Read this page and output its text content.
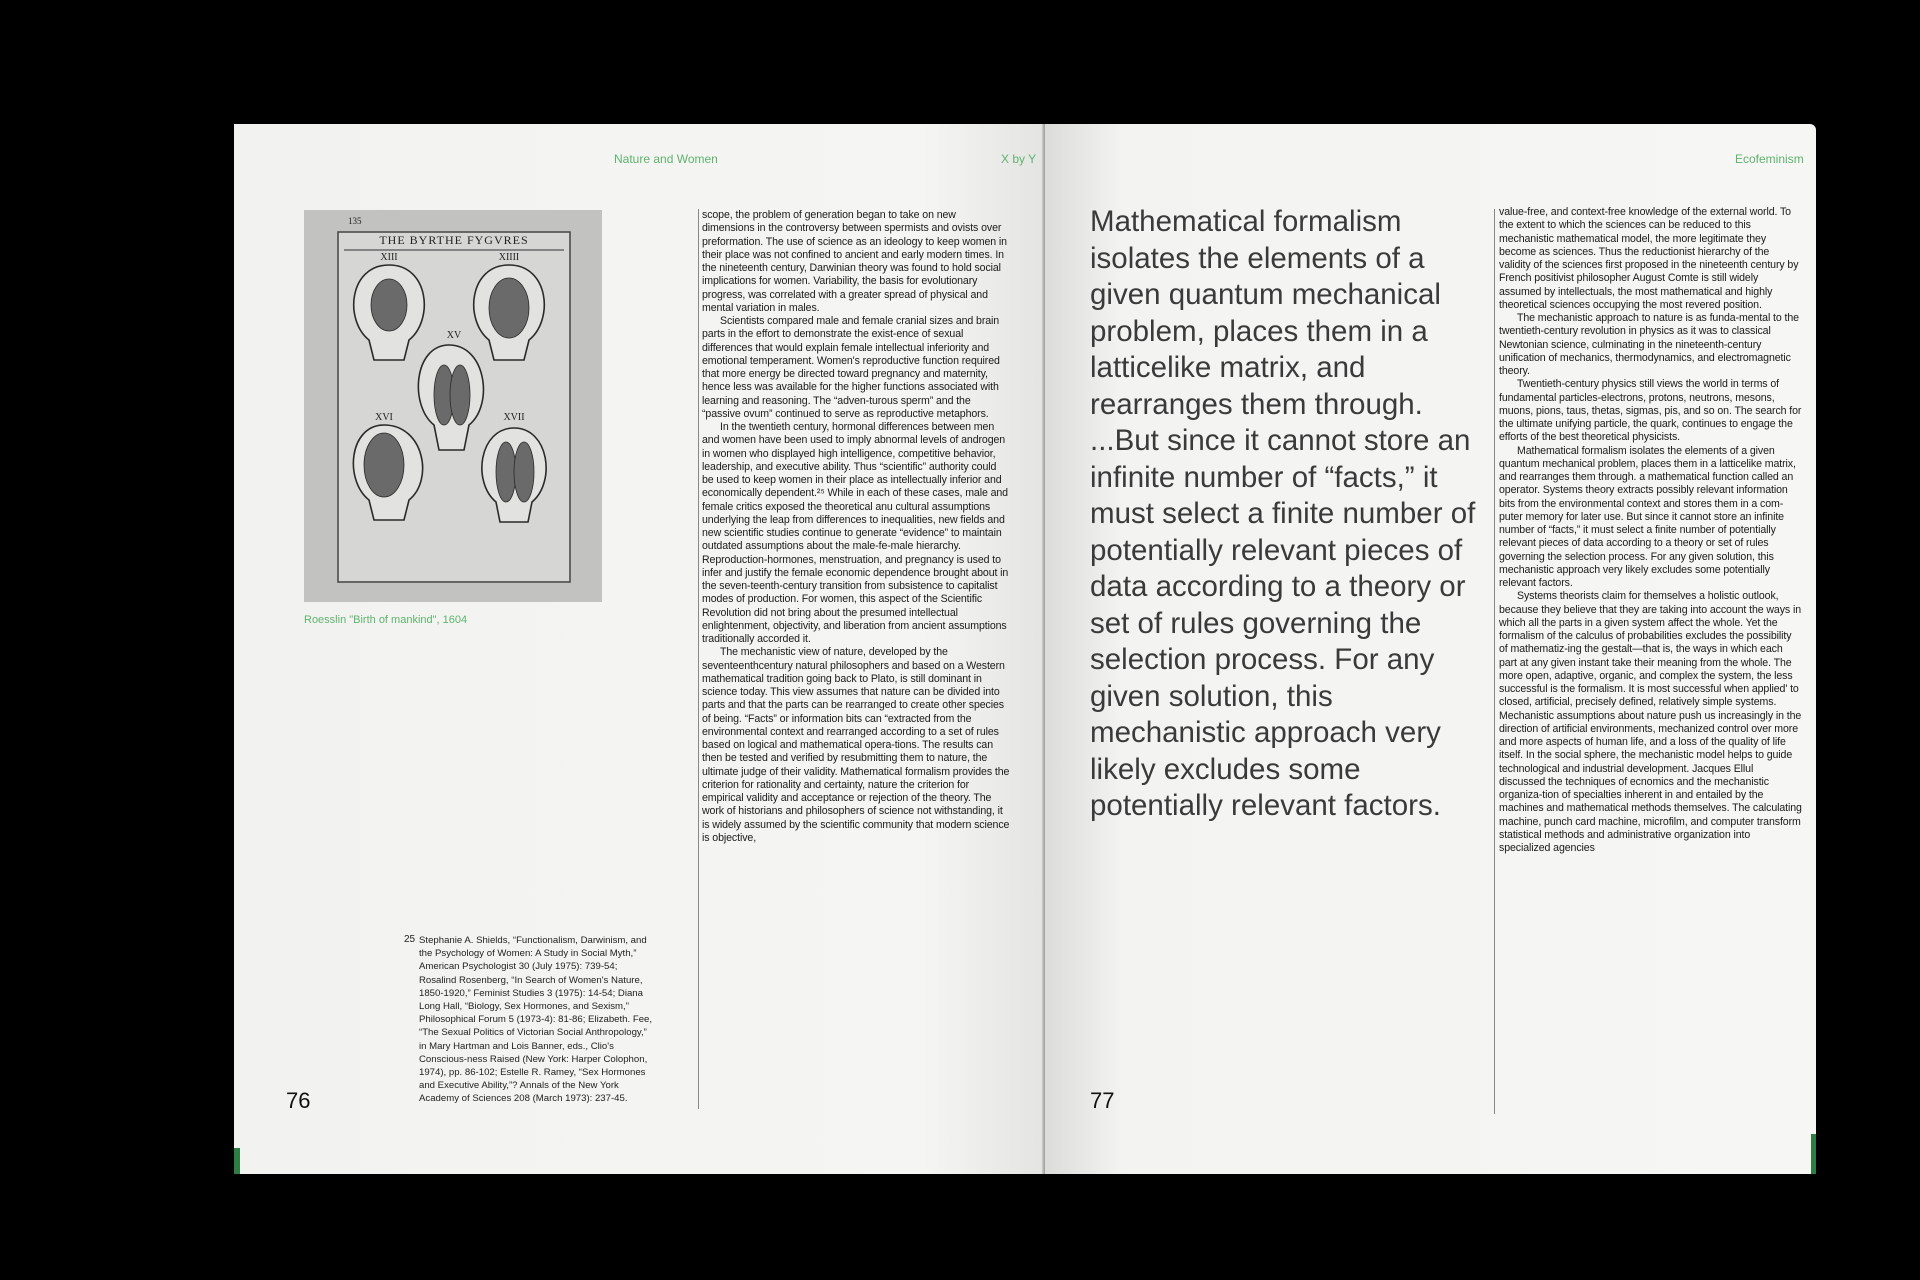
Nature and Women	X by Y
135
THE BYRTHE FYGVRES
XIII	XIIII
XV
XVI	XVII
Roesslin "Birth of mankind", 1604
25 Stephanie A. Shields, “Functionalism, Darwinism, and the Psychology of Women: A Study in Social Myth,” American Psychologist 30 (July 1975): 739-54; Rosalind Rosenberg, “In Search of Women's Nature, 1850-1920,” Feminist Studies 3 (1975): 14-54; Diana Long Hall, “Biology, Sex Hormones, and Sexism,” Philosophical Forum 5 (1973-4): 81-86; Elizabeth. Fee, “The Sexual Politics of Victorian Social Anthropology,” in Mary Hartman and Lois Banner, eds., Clio's Conscious-ness Raised (New York: Harper Colophon, 1974), pp. 86-102; Estelle R. Ramey, “Sex Hormones and Executive Ability,”? Annals of the New York Academy of Sciences 208 (March 1973): 237-45.
76

scope, the problem of generation began to take on new dimensions in the controversy between spermists and ovists over preformation. The use of science as an ideology to keep women in their place was not confined to ancient and early modern times. In the nineteenth century, Darwinian theory was found to hold social implications for women. Variability, the basis for evolutionary progress, was correlated with a greater spread of physical and mental variation in males.

Scientists compared male and female cranial sizes and brain parts in the effort to demonstrate the exist-ence of sexual differences that would explain female intellectual inferiority and emotional temperament. Women's reproductive function required that more energy be directed toward pregnancy and maternity, hence less was available for the higher functions associated with learning and reasoning. The “adven-turous sperm” and the “passive ovum” continued to serve as reproductive metaphors.

In the twentieth century, hormonal differences between men and women have been used to imply abnormal levels of androgen in women who displayed high intelligence, competitive behavior, leadership, and executive ability. Thus “scientific” authority could be used to keep women in their place as intellectually inferior and economically dependent.²⁵ While in each of these cases, male and female critics exposed the theoretical anu cultural assumptions underlying the leap from differences to inequalities, new fields and new scientific studies continue to generate “evidence” to maintain outdated assumptions about the male-fe-male hierarchy. Reproduction-hormones, menstruation, and pregnancy is used to infer and justify the female economic dependence brought about in the seven-teenth-century transition from subsistence to capitalist modes of production. For women, this aspect of the Scientific Revolution did not bring about the presumed intellectual enlightenment, objectivity, and liberation from ancient assumptions traditionally accorded it.

The mechanistic view of nature, developed by the seventeenthcentury natural philosophers and based on a Western mathematical tradition going back to Plato, is still dominant in science today. This view assumes that nature can be divided into parts and that the parts can be rearranged to create other species of being. “Facts” or information bits can “extracted from the environmental context and rearranged according to a set of rules based on logical and mathematical opera-tions. The results can then be tested and verified by resubmitting them to nature, the ultimate judge of their validity. Mathematical formalism provides the criterion for rationality and certainty, nature the criterion for empirical validity and acceptance or rejection of the theory. The work of historians and philosophers of science not withstanding, it is widely assumed by the scientific community that modern science is objective,

Ecofeminism
Mathematical formalism isolates the elements of a given quantum mechanical problem, places them in a latticelike matrix, and rearranges them through. ...But since it cannot store an infinite number of “facts,” it must select a finite number of potentially relevant pieces of data according to a theory or set of rules governing the selection process. For any given solution, this mechanistic approach very likely excludes some potentially relevant factors.
77

value-free, and context-free knowledge of the external world. To the extent to which the sciences can be reduced to this mechanistic mathematical model, the more legitimate they become as sciences. Thus the reductionist hierarchy of the validity of the sciences first proposed in the nineteenth century by French positivist philosopher August Comte is still widely assumed by intellectuals, the most mathematical and highly theoretical sciences occupying the most revered position.

The mechanistic approach to nature is as funda-mental to the twentieth-century revolution in physics as it was to classical Newtonian science, culminating in the nineteenth-century unification of mechanics, thermodynamics, and electromagnetic theory.

Twentieth-century physics still views the world in terms of fundamental particles-electrons, protons, neutrons, mesons, muons, pions, taus, thetas, sigmas, pis, and so on. The search for the ultimate unifying particle, the quark, continues to engage the efforts of the best theoretical physicists.

Mathematical formalism isolates the elements of a given quantum mechanical problem, places them in a latticelike matrix, and rearranges them through. a mathematical function called an operator. Systems theory extracts possibly relevant information bits from the environmental context and stores them in a com-puter memory for later use. But since it cannot store an infinite number of “facts,” it must select a finite number of potentially relevant pieces of data according to a theory or set of rules governing the selection process. For any given solution, this mechanistic approach very likely excludes some potentially relevant factors.

Systems theorists claim for themselves a holistic outlook, because they believe that they are taking into account the ways in which all the parts in a given system affect the whole. Yet the formalism of the calculus of probabilities excludes the possibility of mathematiz-ing the gestalt—that is, the ways in which each part at any given instant take their meaning from the whole. The more open, adaptive, organic, and complex the system, the less successful is the formalism. It is most successful when applied' to closed, artificial, precisely defined, relatively simple systems. Mechanistic assumptions about nature push us increasingly in the direction of artificial environments, mechanized control over more and more aspects of human life, and a loss of the quality of life itself. In the social sphere, the mechanistic model helps to guide technological and industrial development. Jacques Ellul discussed the techniques of ecnomics and the mechanistic organiza-tion of specialties inherent in and entailed by the machines and mathematical methods themselves. The calculating machine, punch card machine, microfilm, and computer transform statistical methods and administrative organization into specialized agencies
